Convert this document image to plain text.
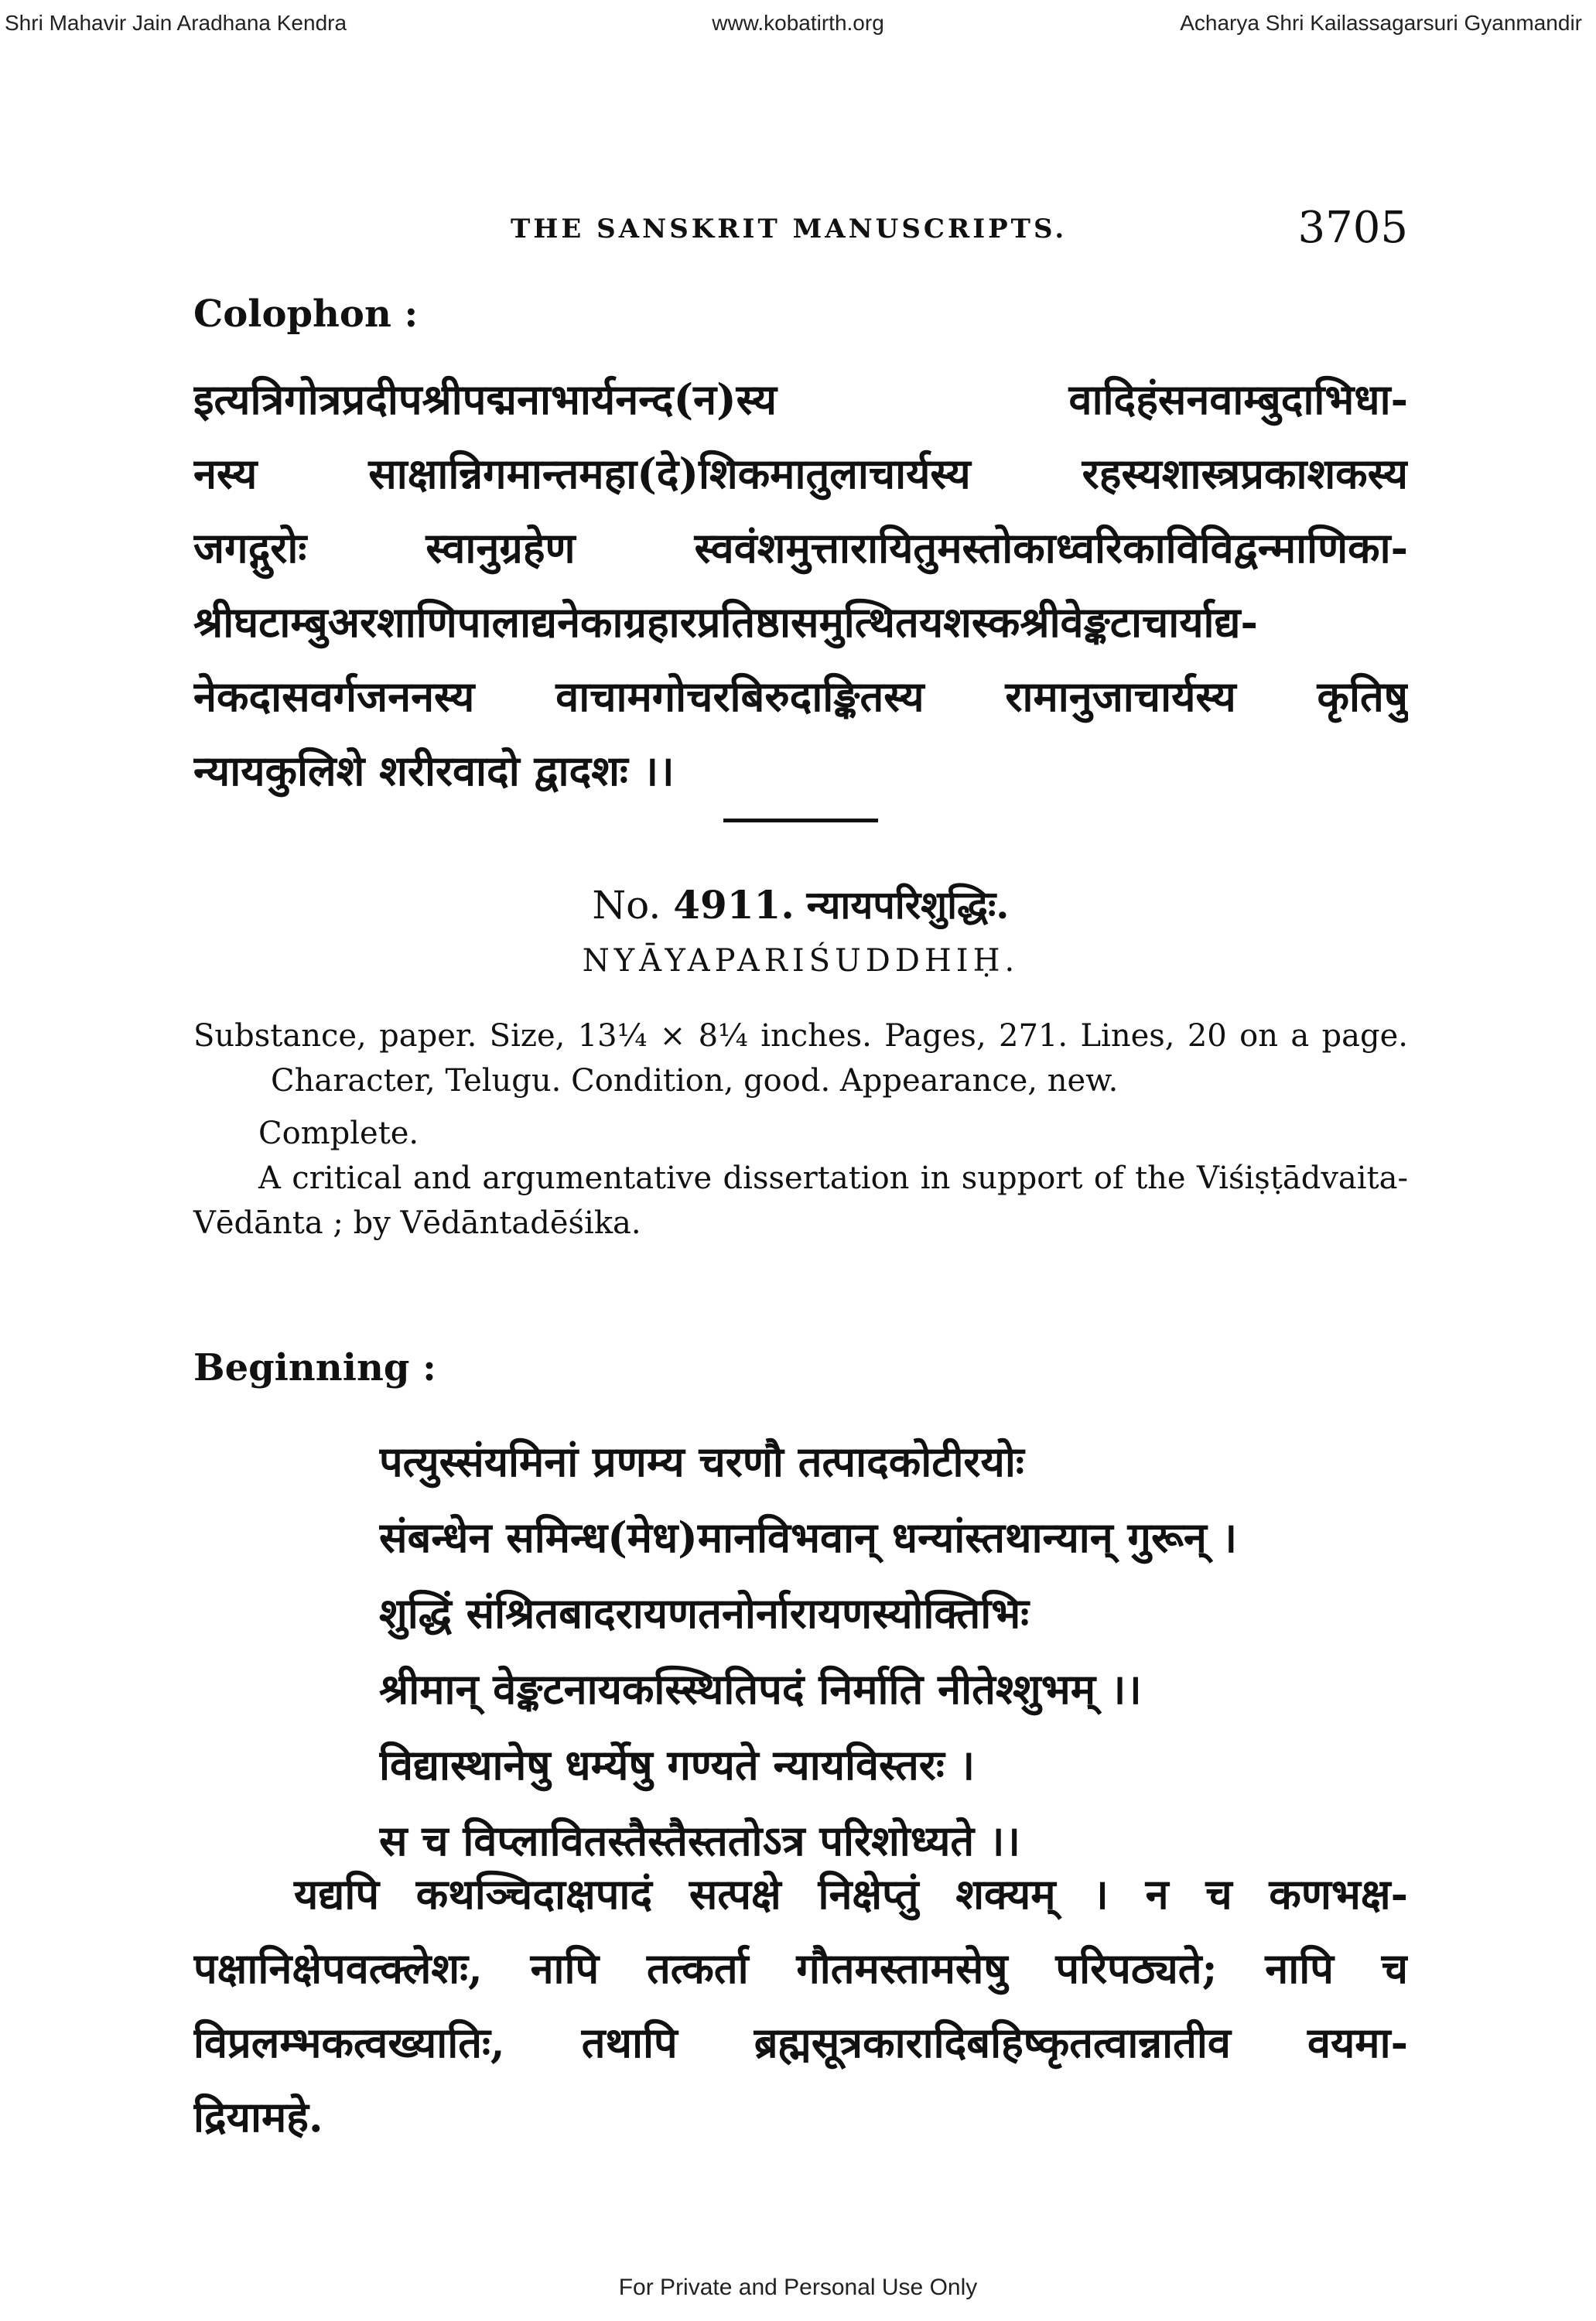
Shri Mahavir Jain Aradhana Kendra	www.kobatirth.org	Acharya Shri Kailassagarsuri Gyanmandir
THE SANSKRIT MANUSCRIPTS.	3705
Colophon :

इत्यत्रिगोत्रप्रदीपश्रीपद्मनाभार्यनन्द(न)स्य वादिहंसनवाम्बुदाभिधा-

नस्य साक्षान्निगमान्तमहा(दे)शिकमातुलाचार्यस्य रहस्यशास्त्रप्रकाशकस्य

जगद्गुरोः स्वानुग्रहेण स्ववंशमुत्तारायितुमस्तोकाध्वरिकाविविद्वन्माणिका-

श्रीघटाम्बुअरशाणिपालाद्यनेकाग्रहारप्रतिष्ठासमुत्थितयशस्कश्रीवेङ्कटाचार्याद्य-

नेकदासवर्गजननस्य वाचामगोचरबिरुदाङ्कितस्य रामानुजाचार्यस्य कृतिषु

न्यायकुलिशे शरीरवादो द्वादशः ।।

No. 4911. न्यायपरिशुद्धिः.
NYĀYAPARIŚUDDHIḤ.

Substance, paper. Size, 13¼ × 8¼ inches. Pages, 271. Lines, 20 on a page. Character, Telugu. Condition, good. Appearance, new.

Complete.

A critical and argumentative dissertation in support of the Viśiṣṭādvaita-Vēdānta ; by Vēdāntadēśika.

Beginning :
पत्युस्संयमिनां प्रणम्य चरणौ तत्पादकोटीरयोः
संबन्धेन समिन्ध(मेध)मानविभवान् धन्यांस्तथान्यान् गुरून् ।
शुद्धिं संश्रितबादरायणतनोर्नारायणस्योक्तिभिः
श्रीमान् वेङ्कटनायकस्स्थितिपदं निर्माति नीतेश्शुभम् ।।
विद्यास्थानेषु धर्म्येषु गण्यते न्यायविस्तरः ।
स च विप्लावितस्तैस्तैस्ततोऽत्र परिशोध्यते ।।

यद्यपि कथञ्चिदाक्षपादं सत्पक्षे निक्षेप्तुं शक्यम् । न च कणभक्ष-

पक्षानिक्षेपवत्क्लेशः, नापि तत्कर्ता गौतमस्तामसेषु परिपठ्यते; नापि च

विप्रलम्भकत्वख्यातिः, तथापि ब्रह्मसूत्रकारादिबहिष्कृतत्वान्नातीव वयमा-

द्रियामहे.

For Private and Personal Use Only
